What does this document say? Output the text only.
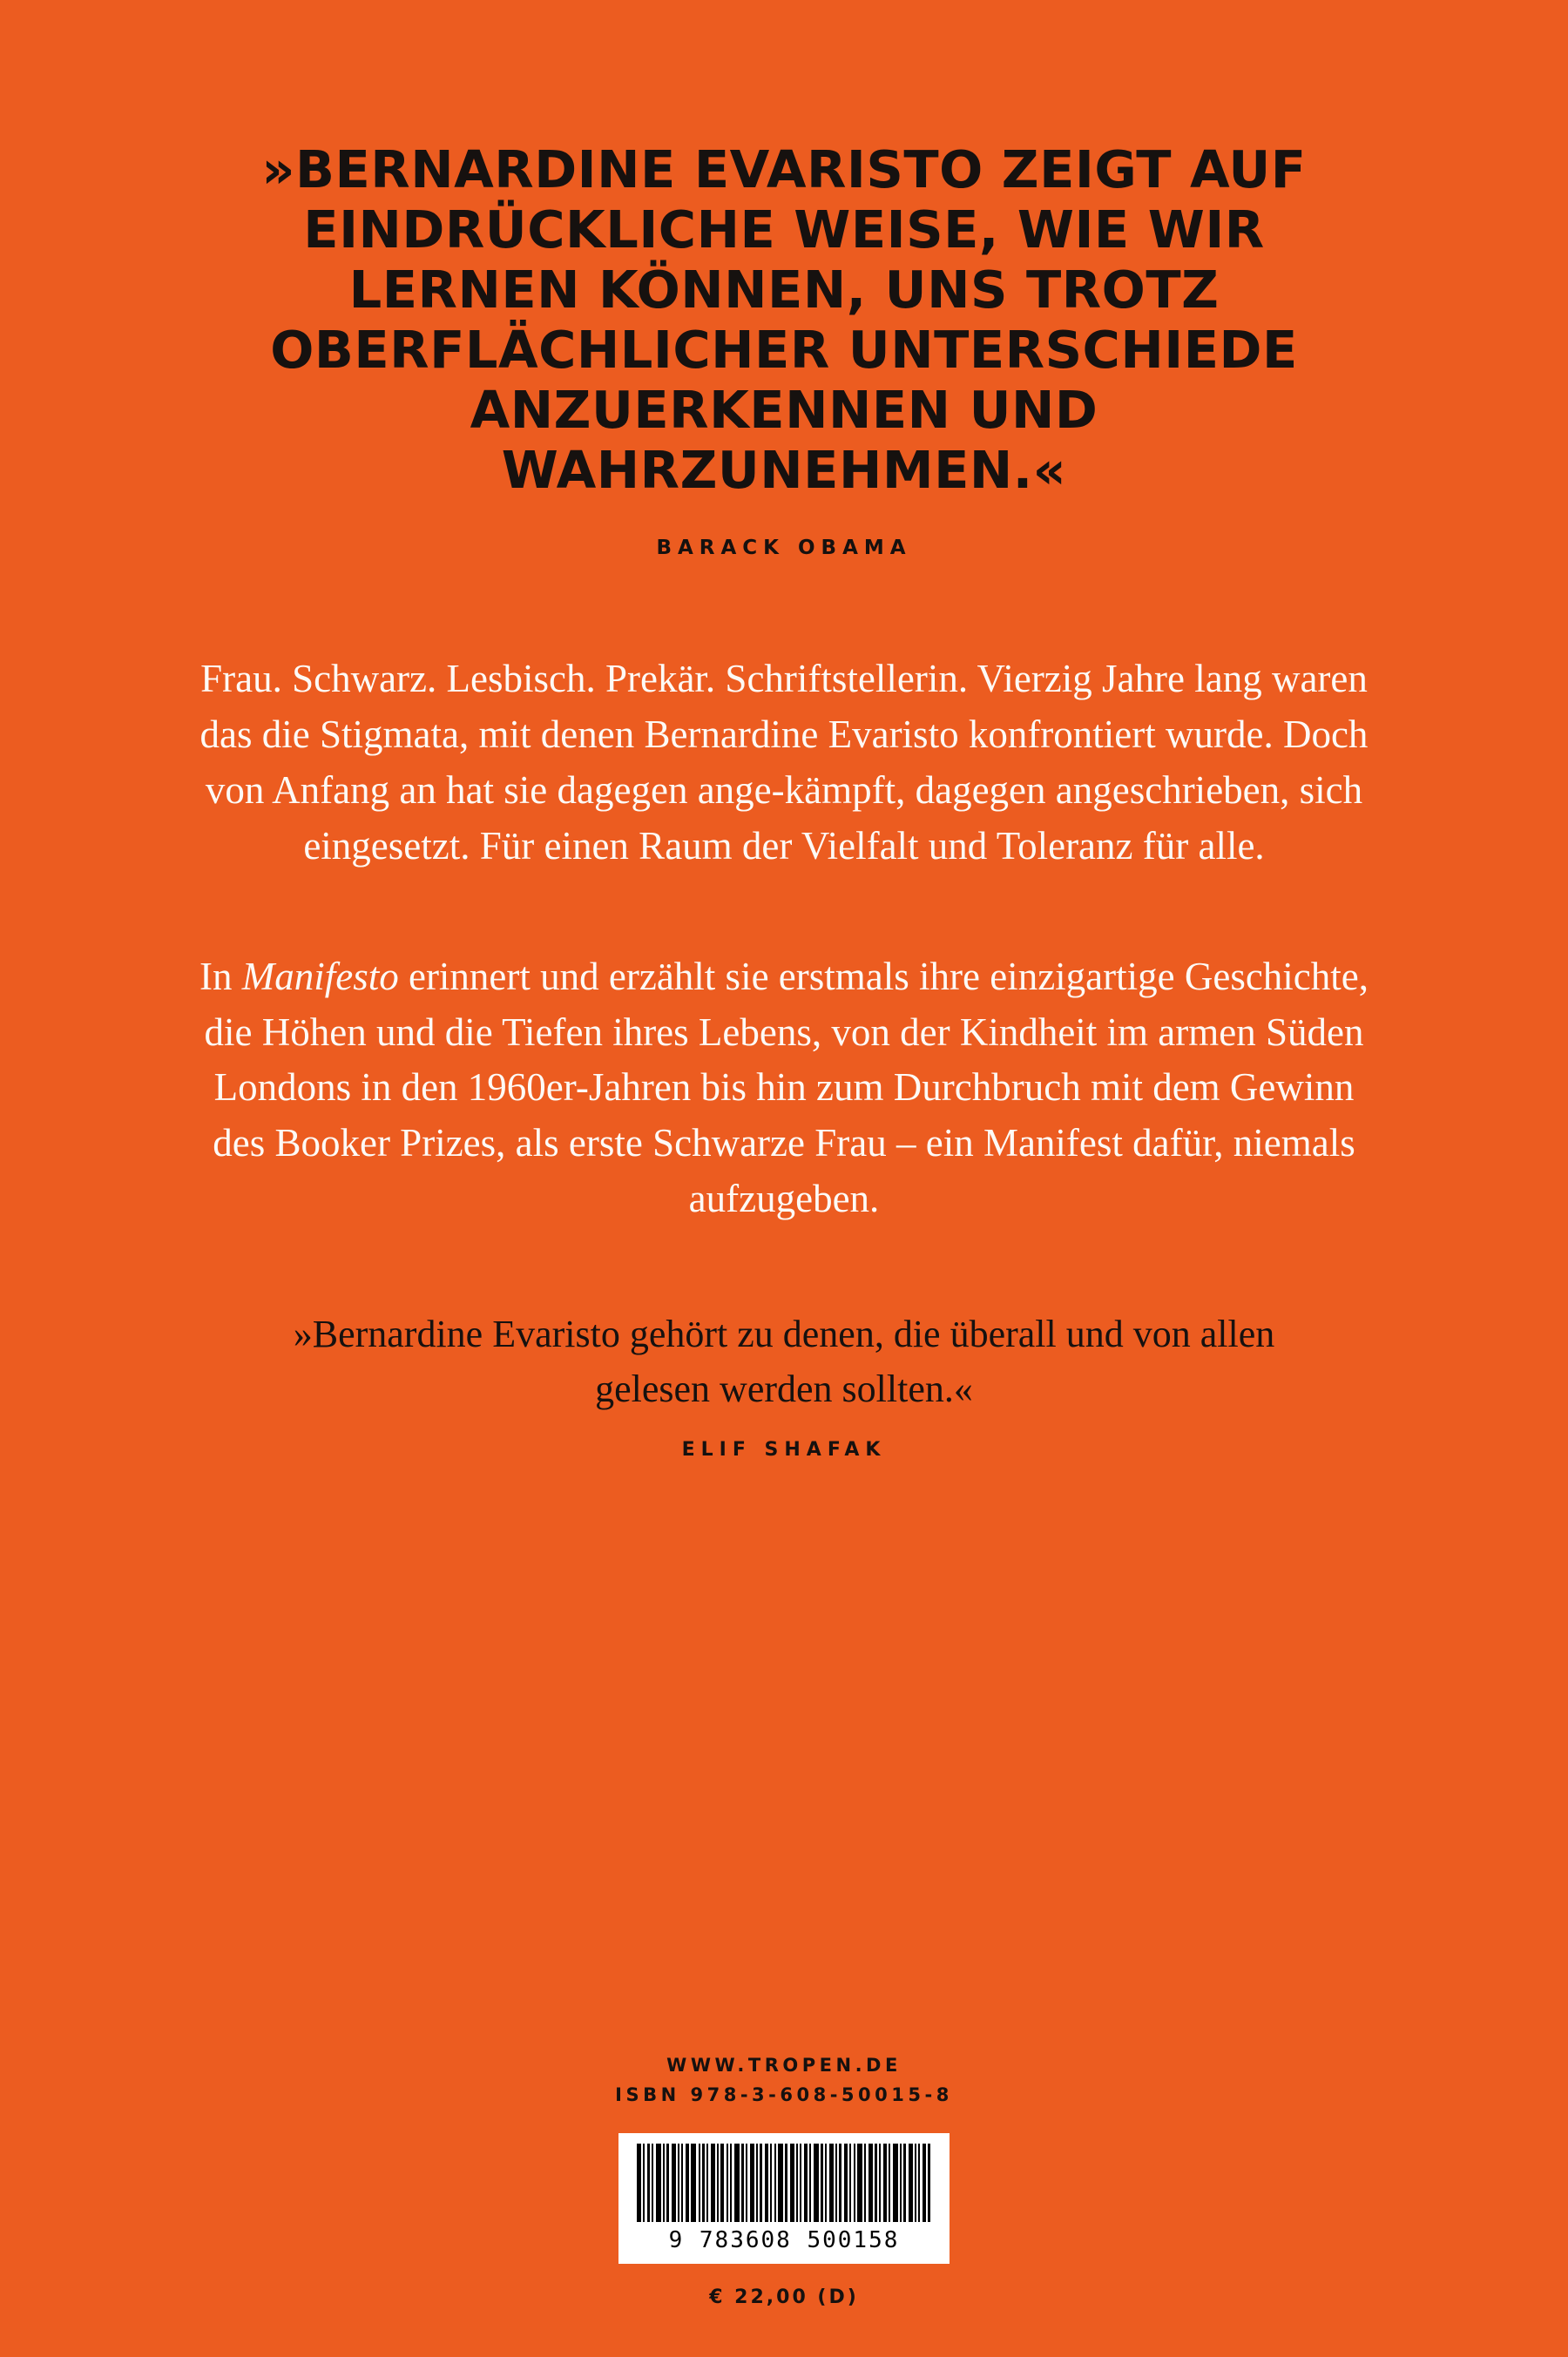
»BERNARDINE EVARISTO ZEIGT AUF EINDRÜCKLICHE WEISE, WIE WIR LERNEN KÖNNEN, UNS TROTZ OBERFLÄCHLICHER UNTERSCHIEDE ANZUERKENNEN UND WAHRZUNEHMEN.«
BARACK OBAMA
Frau. Schwarz. Lesbisch. Prekär. Schriftstellerin. Vierzig Jahre lang waren das die Stigmata, mit denen Bernardine Evaristo konfrontiert wurde. Doch von Anfang an hat sie dagegen ange-kämpft, dagegen angeschrieben, sich eingesetzt. Für einen Raum der Vielfalt und Toleranz für alle.
In Manifesto erinnert und erzählt sie erstmals ihre einzigartige Geschichte, die Höhen und die Tiefen ihres Lebens, von der Kindheit im armen Süden Londons in den 1960er-Jahren bis hin zum Durchbruch mit dem Gewinn des Booker Prizes, als erste Schwarze Frau – ein Manifest dafür, niemals aufzugeben.
»Bernardine Evaristo gehört zu denen, die überall und von allen gelesen werden sollten.«
ELIF SHAFAK
WWW.TROPEN.DE
ISBN 978-3-608-50015-8
9 783608 500158
€ 22,00 (D)
